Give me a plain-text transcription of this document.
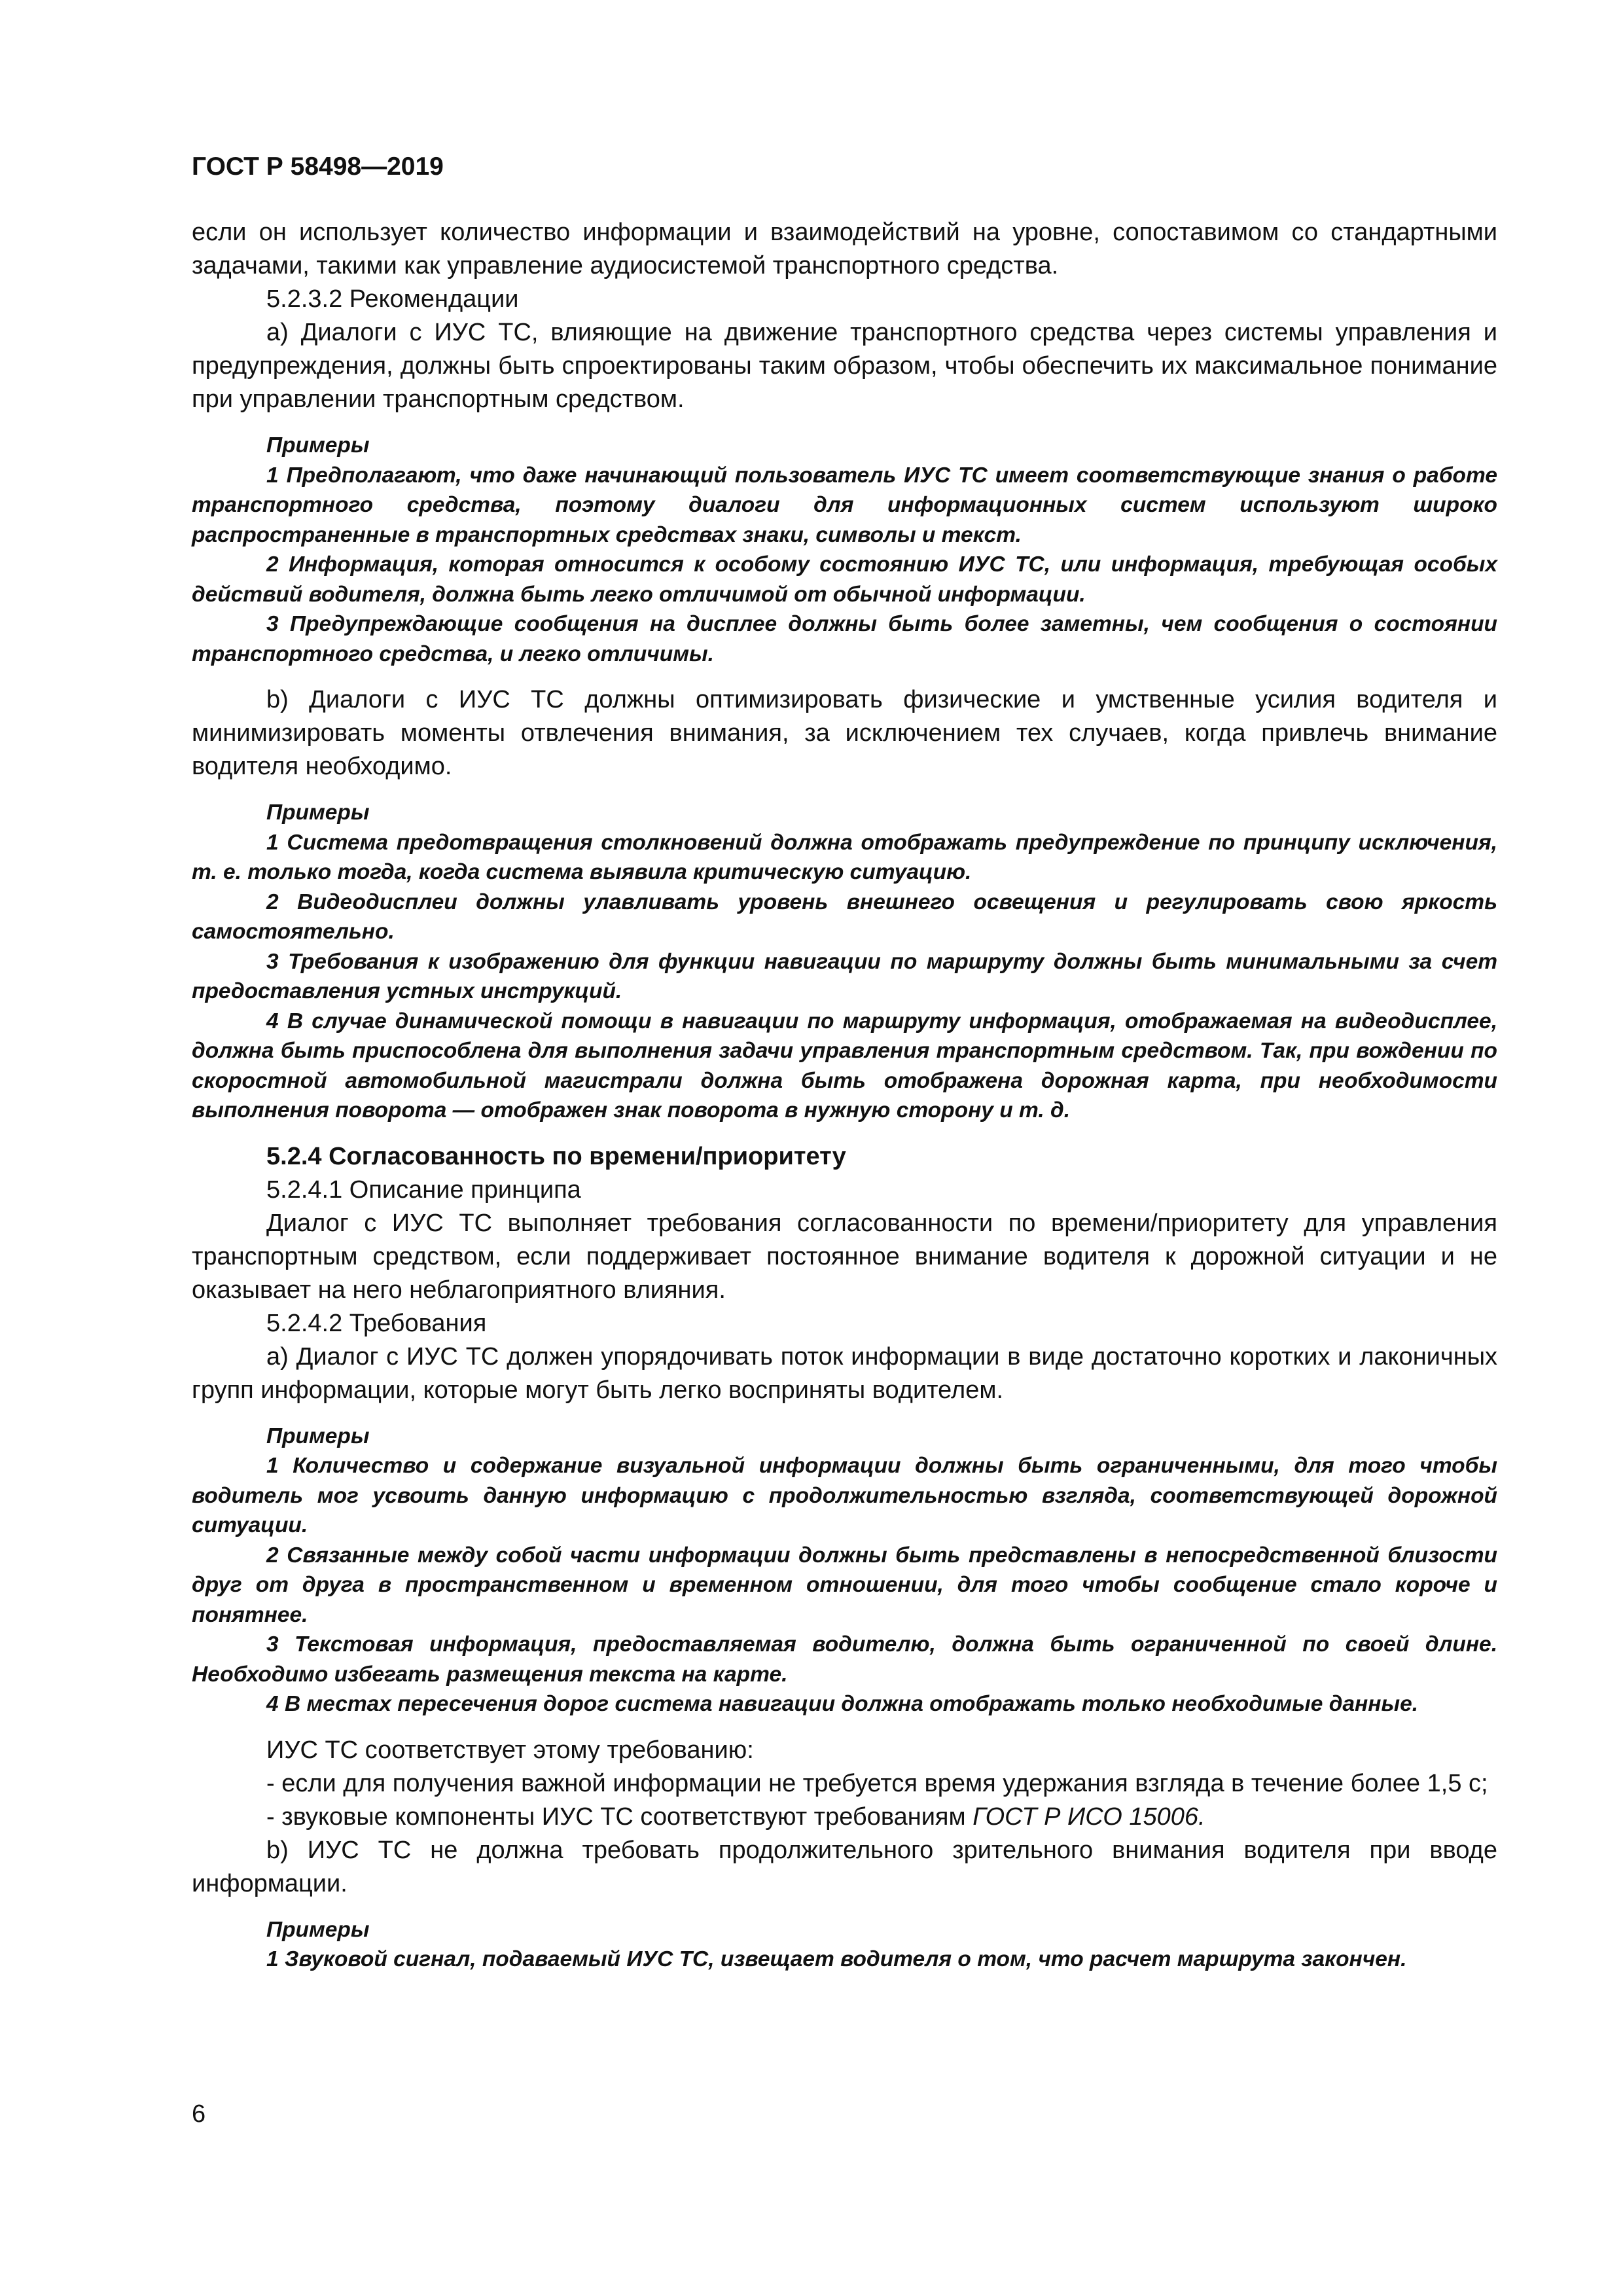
ГОСТ Р 58498—2019

если он использует количество информации и взаимодействий на уровне, сопоставимом со стандартными задачами, такими как управление аудиосистемой транспортного средства.

5.2.3.2 Рекомендации

a) Диалоги с ИУС ТС, влияющие на движение транспортного средства через системы управления и предупреждения, должны быть спроектированы таким образом, чтобы обеспечить их максимальное понимание при управлении транспортным средством.

Примеры

1 Предполагают, что даже начинающий пользователь ИУС ТС имеет соответствующие знания о работе транспортного средства, поэтому диалоги для информационных систем используют широко распространенные в транспортных средствах знаки, символы и текст.

2 Информация, которая относится к особому состоянию ИУС ТС, или информация, требующая особых действий водителя, должна быть легко отличимой от обычной информации.

3 Предупреждающие сообщения на дисплее должны быть более заметны, чем сообщения о состоянии транспортного средства, и легко отличимы.

b) Диалоги с ИУС ТС должны оптимизировать физические и умственные усилия водителя и минимизировать моменты отвлечения внимания, за исключением тех случаев, когда привлечь внимание водителя необходимо.

Примеры

1 Система предотвращения столкновений должна отображать предупреждение по принципу исключения, т. е. только тогда, когда система выявила критическую ситуацию.

2 Видеодисплеи должны улавливать уровень внешнего освещения и регулировать свою яркость самостоятельно.

3 Требования к изображению для функции навигации по маршруту должны быть минимальными за счет предоставления устных инструкций.

4 В случае динамической помощи в навигации по маршруту информация, отображаемая на видеодисплее, должна быть приспособлена для выполнения задачи управления транспортным средством. Так, при вождении по скоростной автомобильной магистрали должна быть отображена дорожная карта, при необходимости выполнения поворота — отображен знак поворота в нужную сторону и т. д.

5.2.4 Согласованность по времени/приоритету

5.2.4.1 Описание принципа

Диалог с ИУС ТС выполняет требования согласованности по времени/приоритету для управления транспортным средством, если поддерживает постоянное внимание водителя к дорожной ситуации и не оказывает на него неблагоприятного влияния.

5.2.4.2 Требования

a) Диалог с ИУС ТС должен упорядочивать поток информации в виде достаточно коротких и лаконичных групп информации, которые могут быть легко восприняты водителем.

Примеры

1 Количество и содержание визуальной информации должны быть ограниченными, для того чтобы водитель мог усвоить данную информацию с продолжительностью взгляда, соответствующей дорожной ситуации.

2 Связанные между собой части информации должны быть представлены в непосредственной близости друг от друга в пространственном и временном отношении, для того чтобы сообщение стало короче и понятнее.

3 Текстовая информация, предоставляемая водителю, должна быть ограниченной по своей длине. Необходимо избегать размещения текста на карте.

4 В местах пересечения дорог система навигации должна отображать только необходимые данные.

ИУС ТС соответствует этому требованию:

- если для получения важной информации не требуется время удержания взгляда в течение более 1,5 с;

- звуковые компоненты ИУС ТС соответствуют требованиям ГОСТ Р ИСО 15006.

b) ИУС ТС не должна требовать продолжительного зрительного внимания водителя при вводе информации.

Примеры

1 Звуковой сигнал, подаваемый ИУС ТС, извещает водителя о том, что расчет маршрута закончен.

6
